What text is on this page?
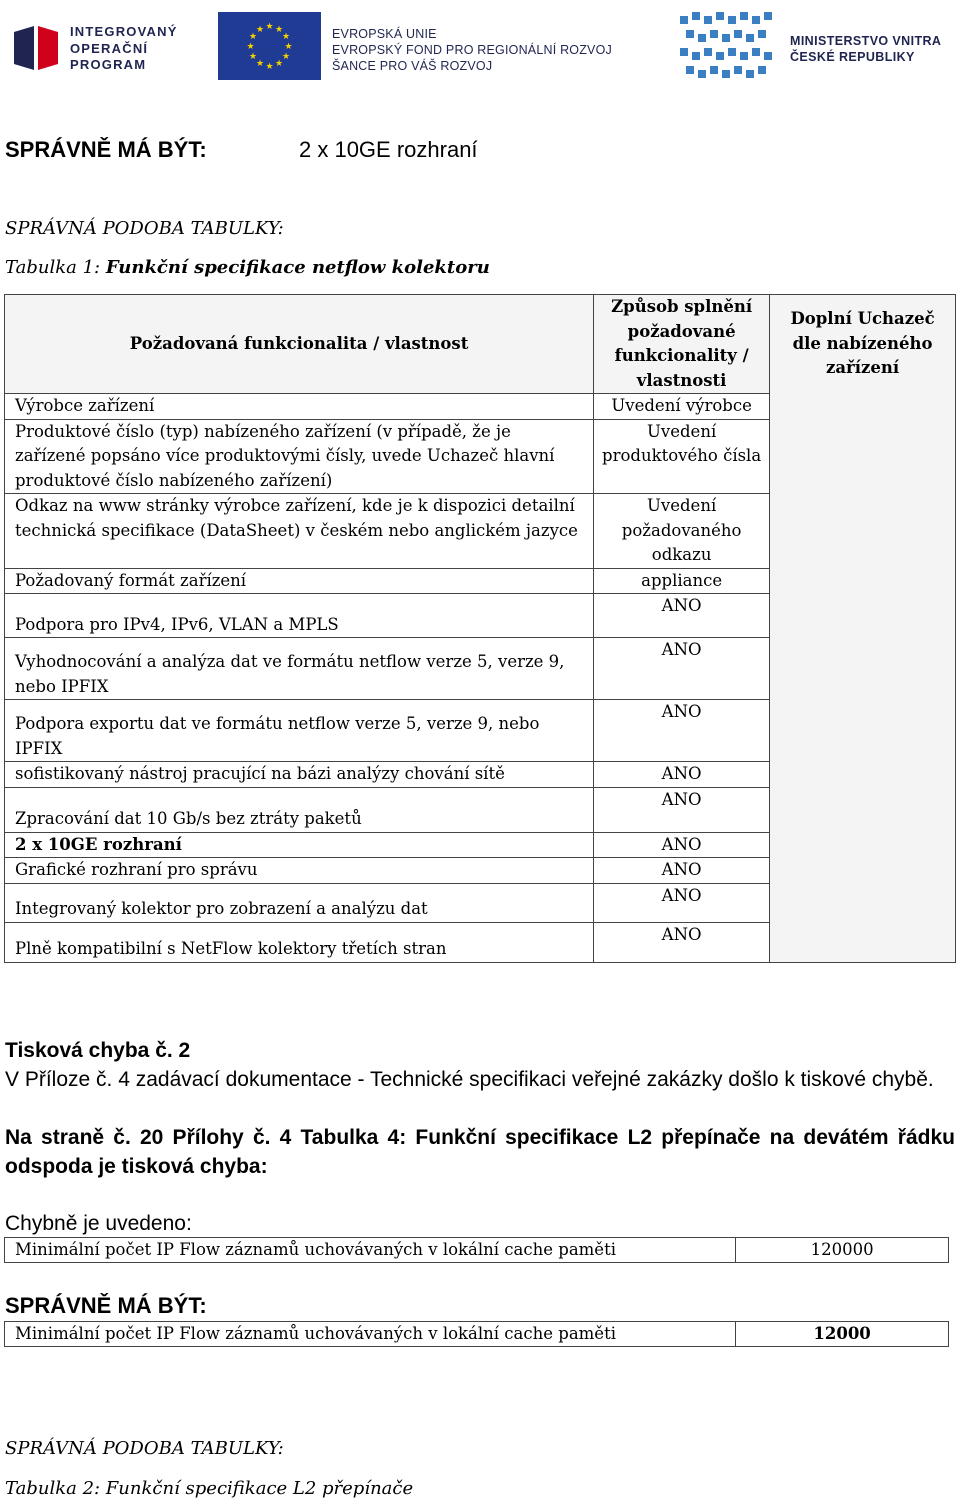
INTEGROVANÝ
OPERAČNÍ
PROGRAM
★ ★
★
★
★
★
★
★
★
★
★
★	EVROPSKÁ UNIE
EVROPSKÝ FOND PRO REGIONÁLNÍ ROZVOJ
ŠANCE PRO VÁŠ ROZVOJ
MINISTERSTVO VNITRA
ČESKÉ REPUBLIKY
SPRÁVNĚ MÁ BÝT:	2 x 10GE rozhraní
SPRÁVNÁ PODOBA TABULKY:
Tabulka 1: Funkční specifikace netflow kolektoru
Požadovaná funkcionalita / vlastnost	Způsob splnění požadované funkcionality / vlastnosti	Doplní Uchazeč dle nabízeného zařízení
Výrobce zařízení	Uvedení výrobce	
Produktové číslo (typ) nabízeného zařízení (v případě, že je zařízené popsáno více produktovými čísly, uvede Uchazeč hlavní produktové číslo nabízeného zařízení)	Uvedení produktového čísla	
Odkaz na www stránky výrobce zařízení, kde je k dispozici detailní technická specifikace (DataSheet) v českém nebo anglickém jazyce	Uvedení požadovaného odkazu	
Požadovaný formát zařízení	appliance	
Podpora pro IPv4, IPv6, VLAN a MPLS	ANO	
Vyhodnocování a analýza dat ve formátu netflow verze 5, verze 9, nebo IPFIX	ANO	
Podpora exportu dat ve formátu netflow verze 5, verze 9, nebo IPFIX	ANO	
sofistikovaný nástroj pracující na bázi analýzy chování sítě	ANO	
Zpracování dat 10 Gb/s bez ztráty paketů	ANO	
2 x 10GE rozhraní	ANO	
Grafické rozhraní pro správu	ANO	
Integrovaný kolektor pro zobrazení a analýzu dat	ANO	
Plně kompatibilní s NetFlow kolektory třetích stran	ANO	
Tisková chyba č. 2
V Příloze č. 4 zadávací dokumentace - Technické specifikaci veřejné zakázky došlo k tiskové chybě.
Na straně č. 20 Přílohy č. 4 Tabulka 4: Funkční specifikace L2 přepínače na devátém řádku odspoda je tisková chyba:
Chybně je uvedeno:
Minimální počet IP Flow záznamů uchovávaných v lokální cache paměti	120000
SPRÁVNĚ MÁ BÝT:
Minimální počet IP Flow záznamů uchovávaných v lokální cache paměti	12000
SPRÁVNÁ PODOBA TABULKY:
Tabulka 2: Funkční specifikace L2 přepínače
